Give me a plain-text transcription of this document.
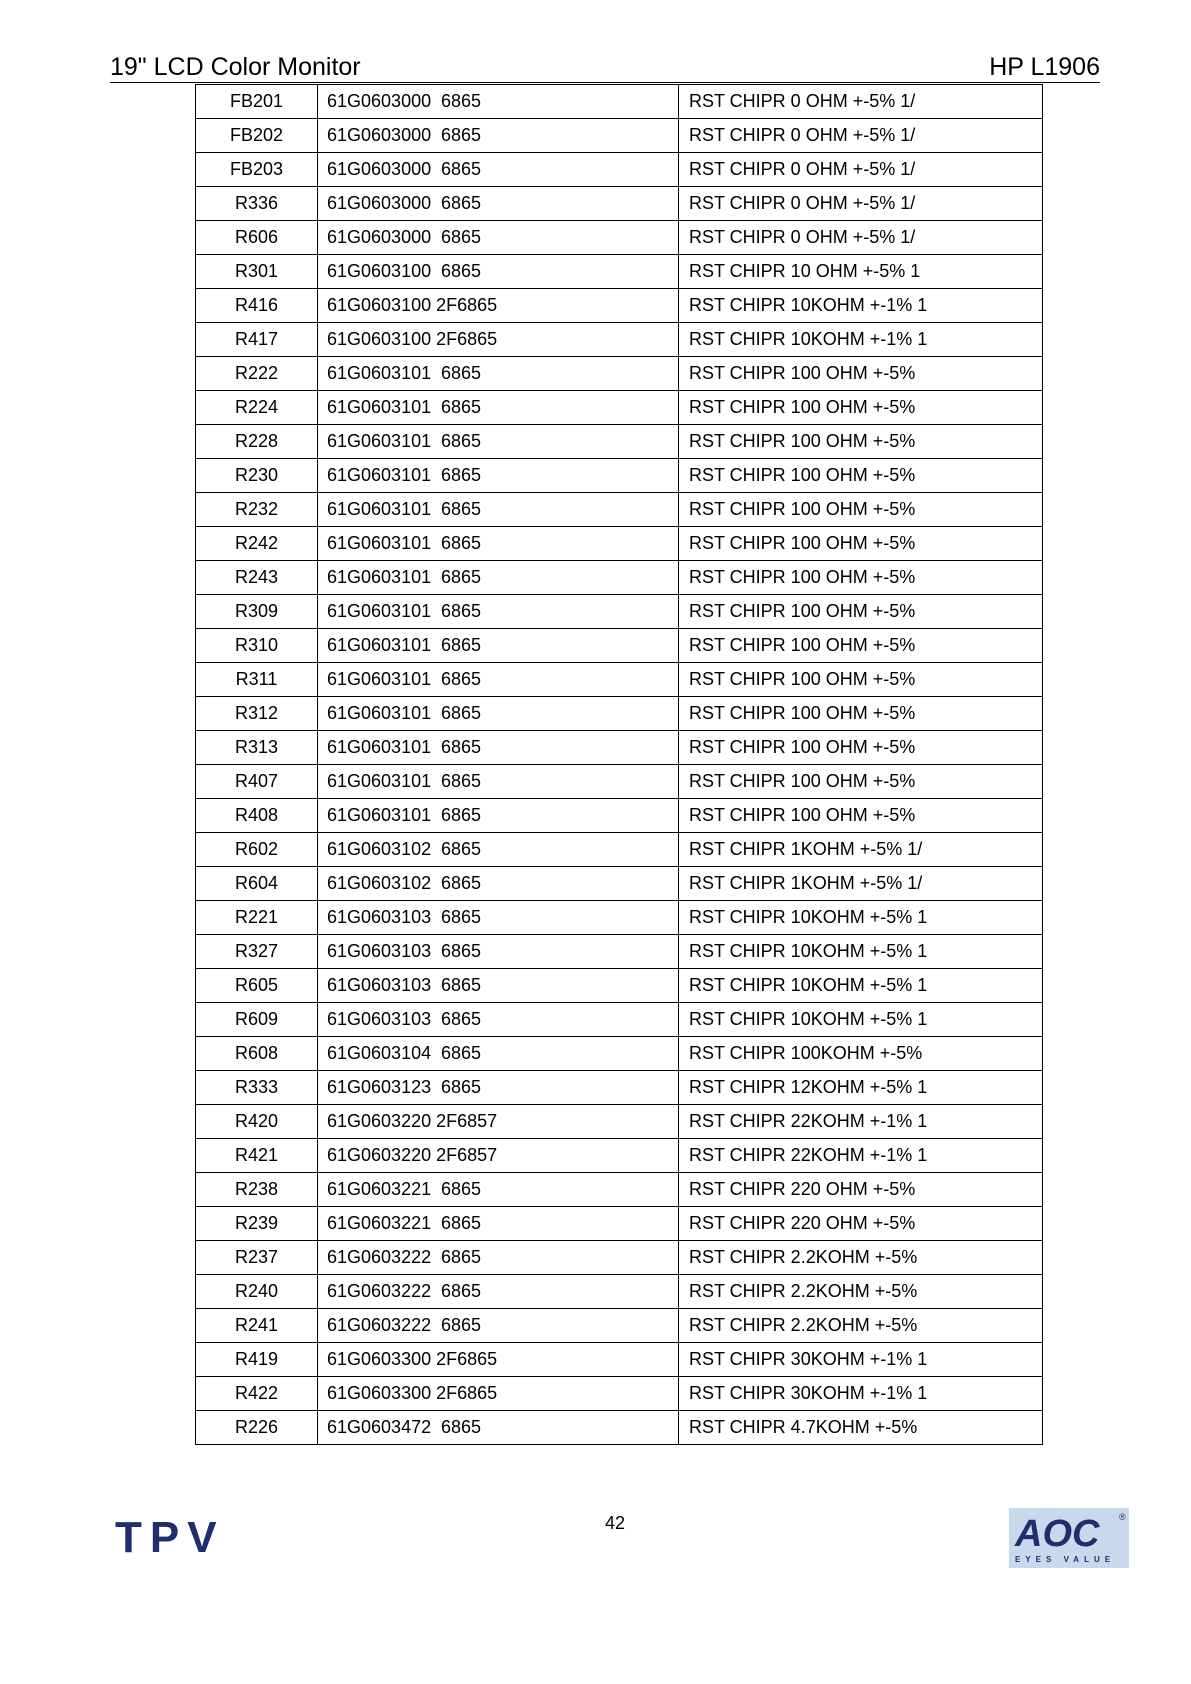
19" LCD Color Monitor	HP L1906
FB201	61G0603000 6865	RST CHIPR 0 OHM +-5% 1/
FB202	61G0603000 6865	RST CHIPR 0 OHM +-5% 1/
FB203	61G0603000 6865	RST CHIPR 0 OHM +-5% 1/
R336	61G0603000 6865	RST CHIPR 0 OHM +-5% 1/
R606	61G0603000 6865	RST CHIPR 0 OHM +-5% 1/
R301	61G0603100 6865	RST CHIPR 10 OHM +-5% 1
R416	61G0603100 2F6865	RST CHIPR 10KOHM +-1% 1
R417	61G0603100 2F6865	RST CHIPR 10KOHM +-1% 1
R222	61G0603101 6865	RST CHIPR 100 OHM +-5%
R224	61G0603101 6865	RST CHIPR 100 OHM +-5%
R228	61G0603101 6865	RST CHIPR 100 OHM +-5%
R230	61G0603101 6865	RST CHIPR 100 OHM +-5%
R232	61G0603101 6865	RST CHIPR 100 OHM +-5%
R242	61G0603101 6865	RST CHIPR 100 OHM +-5%
R243	61G0603101 6865	RST CHIPR 100 OHM +-5%
R309	61G0603101 6865	RST CHIPR 100 OHM +-5%
R310	61G0603101 6865	RST CHIPR 100 OHM +-5%
R311	61G0603101 6865	RST CHIPR 100 OHM +-5%
R312	61G0603101 6865	RST CHIPR 100 OHM +-5%
R313	61G0603101 6865	RST CHIPR 100 OHM +-5%
R407	61G0603101 6865	RST CHIPR 100 OHM +-5%
R408	61G0603101 6865	RST CHIPR 100 OHM +-5%
R602	61G0603102 6865	RST CHIPR 1KOHM +-5% 1/
R604	61G0603102 6865	RST CHIPR 1KOHM +-5% 1/
R221	61G0603103 6865	RST CHIPR 10KOHM +-5% 1
R327	61G0603103 6865	RST CHIPR 10KOHM +-5% 1
R605	61G0603103 6865	RST CHIPR 10KOHM +-5% 1
R609	61G0603103 6865	RST CHIPR 10KOHM +-5% 1
R608	61G0603104 6865	RST CHIPR 100KOHM +-5%
R333	61G0603123 6865	RST CHIPR 12KOHM +-5% 1
R420	61G0603220 2F6857	RST CHIPR 22KOHM +-1% 1
R421	61G0603220 2F6857	RST CHIPR 22KOHM +-1% 1
R238	61G0603221 6865	RST CHIPR 220 OHM +-5%
R239	61G0603221 6865	RST CHIPR 220 OHM +-5%
R237	61G0603222 6865	RST CHIPR 2.2KOHM +-5%
R240	61G0603222 6865	RST CHIPR 2.2KOHM +-5%
R241	61G0603222 6865	RST CHIPR 2.2KOHM +-5%
R419	61G0603300 2F6865	RST CHIPR 30KOHM +-1% 1
R422	61G0603300 2F6865	RST CHIPR 30KOHM +-1% 1
R226	61G0603472 6865	RST CHIPR 4.7KOHM +-5%
42
TPV	AOC ®
EYES VALUE
